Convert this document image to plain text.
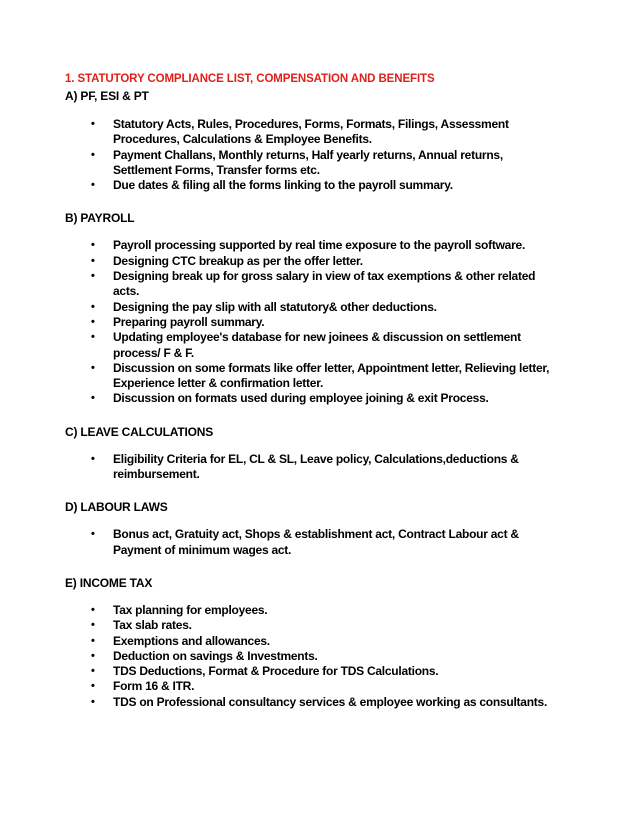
1. STATUTORY COMPLIANCE LIST, COMPENSATION AND BENEFITS
A) PF, ESI & PT
• Statutory Acts, Rules, Procedures, Forms, Formats, Filings, Assessment Procedures, Calculations & Employee Benefits.
• Payment Challans, Monthly returns, Half yearly returns, Annual returns, Settlement Forms, Transfer forms etc.
• Due dates & filing all the forms linking to the payroll summary.
B) PAYROLL
• Payroll processing supported by real time exposure to the payroll software.
• Designing CTC breakup as per the offer letter.
• Designing break up for gross salary in view of tax exemptions & other related acts.
• Designing the pay slip with all statutory& other deductions.
• Preparing payroll summary.
• Updating employee's database for new joinees & discussion on settlement process/ F & F.
• Discussion on some formats like offer letter, Appointment letter, Relieving letter, Experience letter & confirmation letter.
• Discussion on formats used during employee joining & exit Process.
C) LEAVE CALCULATIONS
• Eligibility Criteria for EL, CL & SL, Leave policy, Calculations,deductions & reimbursement.
D) LABOUR LAWS
• Bonus act, Gratuity act, Shops & establishment act, Contract Labour act & Payment of minimum wages act.
E) INCOME TAX
• Tax planning for employees.
• Tax slab rates.
• Exemptions and allowances.
• Deduction on savings & Investments.
• TDS Deductions, Format & Procedure for TDS Calculations.
• Form 16 & ITR.
• TDS on Professional consultancy services & employee working as consultants.
